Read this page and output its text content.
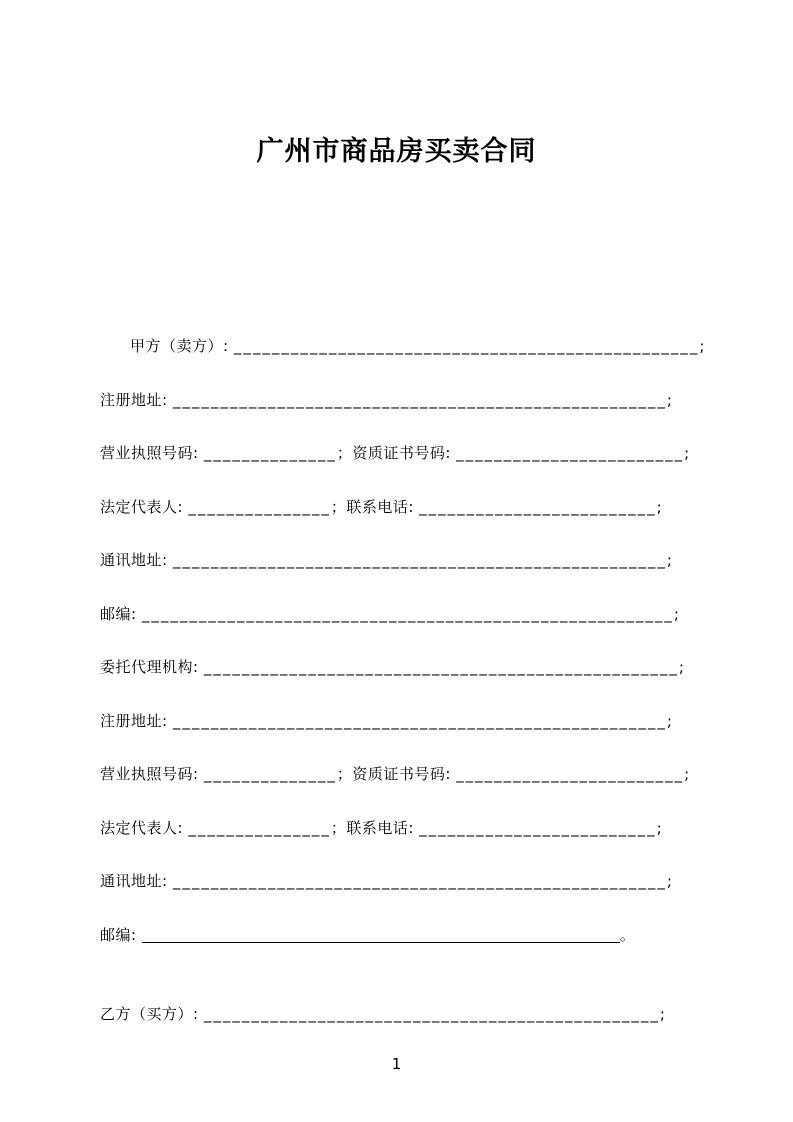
广州市商品房买卖合同
甲方（卖方）: _________________________________________________;
注册地址: ____________________________________________________;
营业执照号码: ______________；资质证书号码: ________________________;
法定代表人: _______________；联系电话: _________________________;
通讯地址: ____________________________________________________;
邮编: ________________________________________________________;
委托代理机构: __________________________________________________;
注册地址: ____________________________________________________;
营业执照号码: ______________；资质证书号码: ________________________;
法定代表人: _______________；联系电话: _________________________;
通讯地址: ____________________________________________________;
邮编:	。
乙方（买方）: ________________________________________________;
1
